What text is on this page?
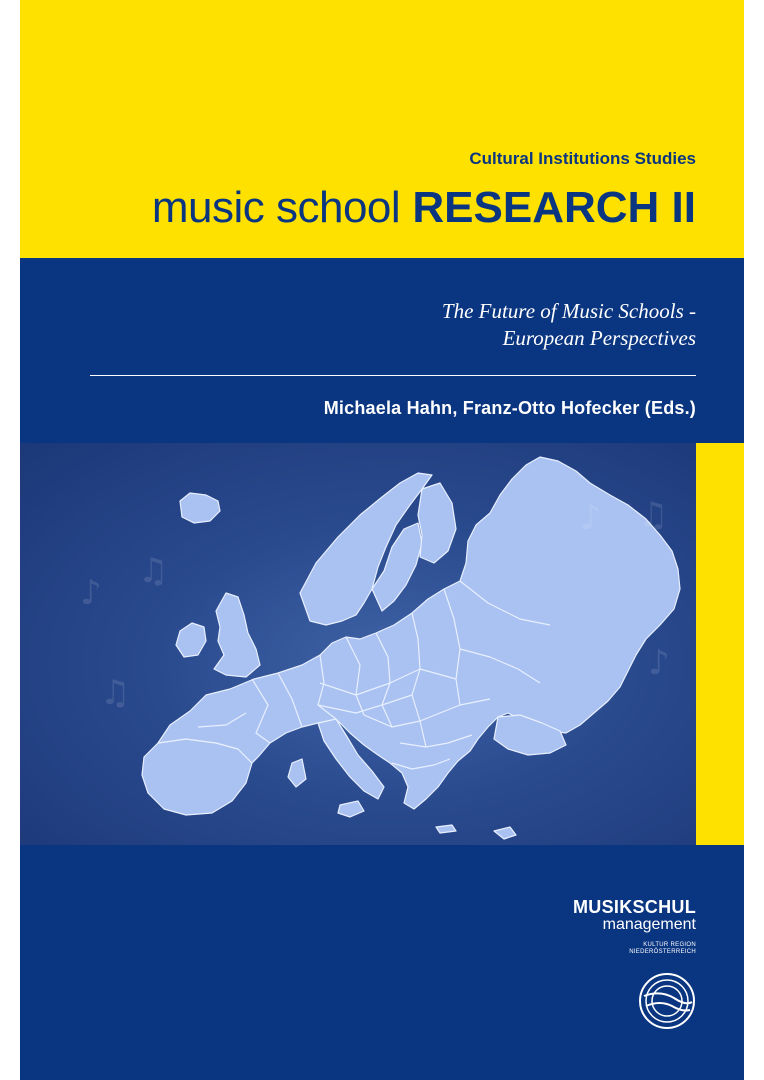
Cultural Institutions Studies
music school RESEARCH II
The Future of Music Schools -
European Perspectives
Michaela Hahn, Franz-Otto Hofecker (Eds.)
♪
♫
♪ ♫
♪
♫
MUSIKSCHUL
management
KULTUR REGION
NIEDERÖSTERREICH
